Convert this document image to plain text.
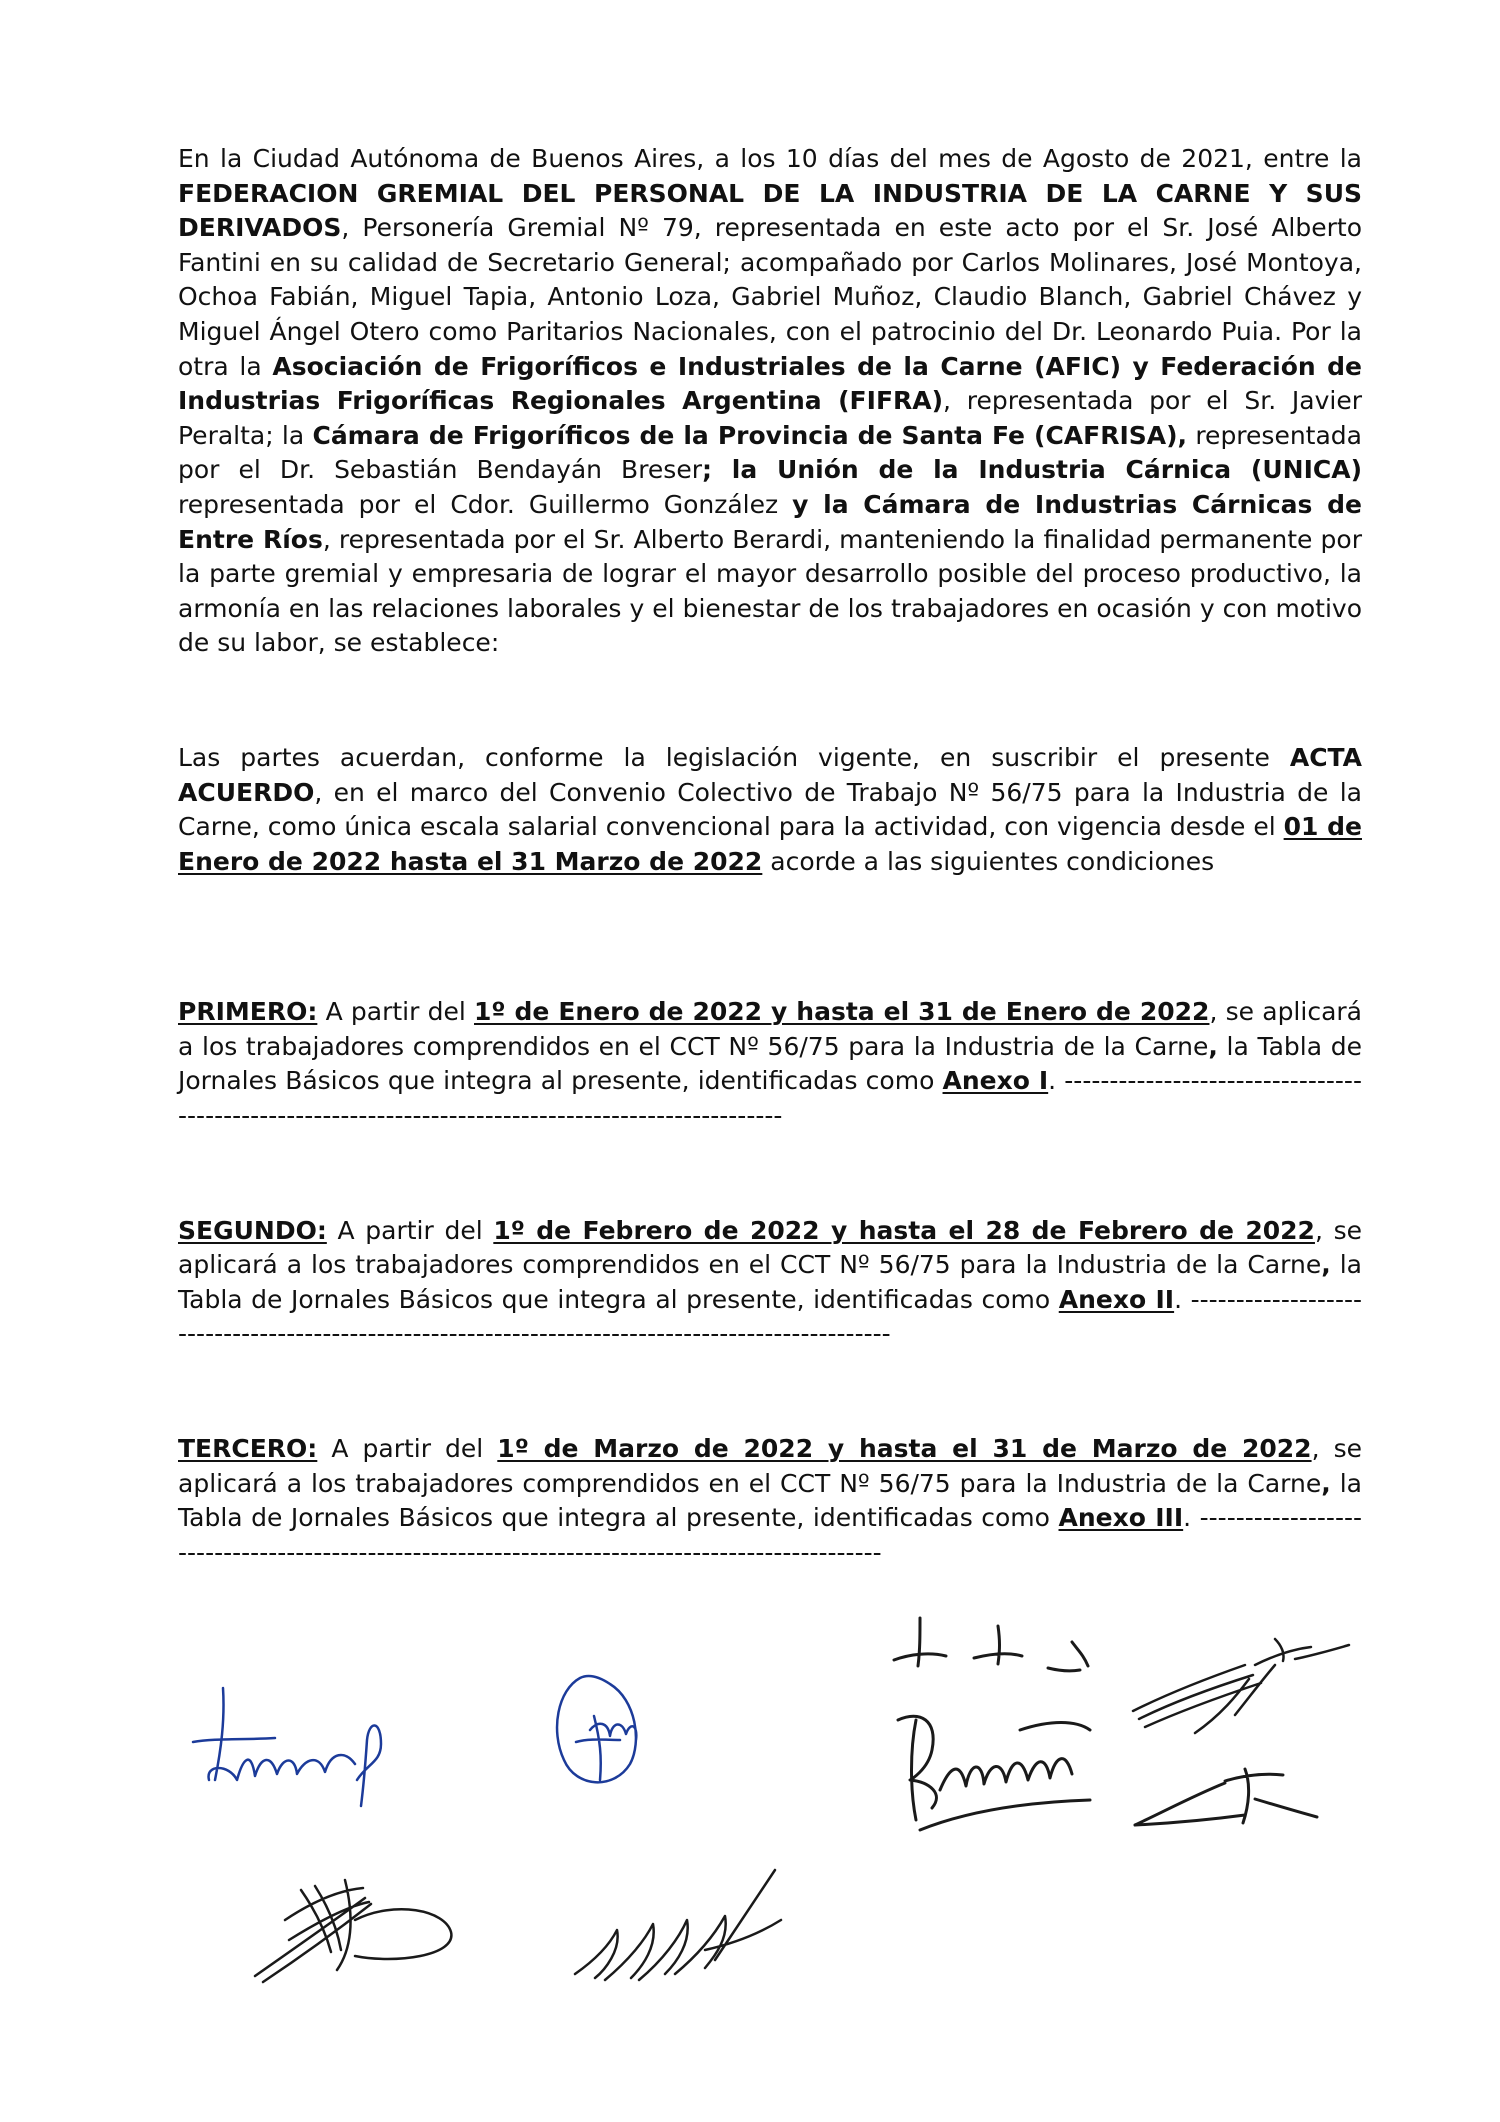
En la Ciudad Autónoma de Buenos Aires, a los 10 días del mes de Agosto de 2021, entre la FEDERACION GREMIAL DEL PERSONAL DE LA INDUSTRIA DE LA CARNE Y SUS DERIVADOS, Personería Gremial Nº 79, representada en este acto por el Sr. José Alberto Fantini en su calidad de Secretario General; acompañado por Carlos Molinares, José Montoya, Ochoa Fabián, Miguel Tapia, Antonio Loza, Gabriel Muñoz, Claudio Blanch, Gabriel Chávez y Miguel Ángel Otero como Paritarios Nacionales, con el patrocinio del Dr. Leonardo Puia. Por la otra la Asociación de Frigoríficos e Industriales de la Carne (AFIC) y Federación de Industrias Frigoríficas Regionales Argentina (FIFRA), representada por el Sr. Javier Peralta; la Cámara de Frigoríficos de la Provincia de Santa Fe (CAFRISA), representada por el Dr. Sebastián Bendayán Breser; la Unión de la Industria Cárnica (UNICA) representada por el Cdor. Guillermo González y la Cámara de Industrias Cárnicas de Entre Ríos, representada por el Sr. Alberto Berardi, manteniendo la finalidad permanente por la parte gremial y empresaria de lograr el mayor desarrollo posible del proceso productivo, la armonía en las relaciones laborales y el bienestar de los trabajadores en ocasión y con motivo de su labor, se establece:

Las partes acuerdan, conforme la legislación vigente, en suscribir el presente ACTA ACUERDO, en el marco del Convenio Colectivo de Trabajo Nº 56/75 para la Industria de la Carne, como única escala salarial convencional para la actividad, con vigencia desde el 01 de Enero de 2022 hasta el 31 Marzo de 2022 acorde a las siguientes condiciones

PRIMERO: A partir del 1º de Enero de 2022 y hasta el 31 de Enero de 2022, se aplicará a los trabajadores comprendidos en el CCT Nº 56/75 para la Industria de la Carne, la Tabla de Jornales Básicos que integra al presente, identificadas como Anexo I. ----------------------------------------------------------------------------------------------------

SEGUNDO: A partir del 1º de Febrero de 2022 y hasta el 28 de Febrero de 2022, se aplicará a los trabajadores comprendidos en el CCT Nº 56/75 para la Industria de la Carne, la Tabla de Jornales Básicos que integra al presente, identificadas como Anexo II. --------------------------------------------------------------------------------------------------

TERCERO: A partir del 1º de Marzo de 2022 y hasta el 31 de Marzo de 2022, se aplicará a los trabajadores comprendidos en el CCT Nº 56/75 para la Industria de la Carne, la Tabla de Jornales Básicos que integra al presente, identificadas como Anexo III. ------------------------------------------------------------------------------------------------
